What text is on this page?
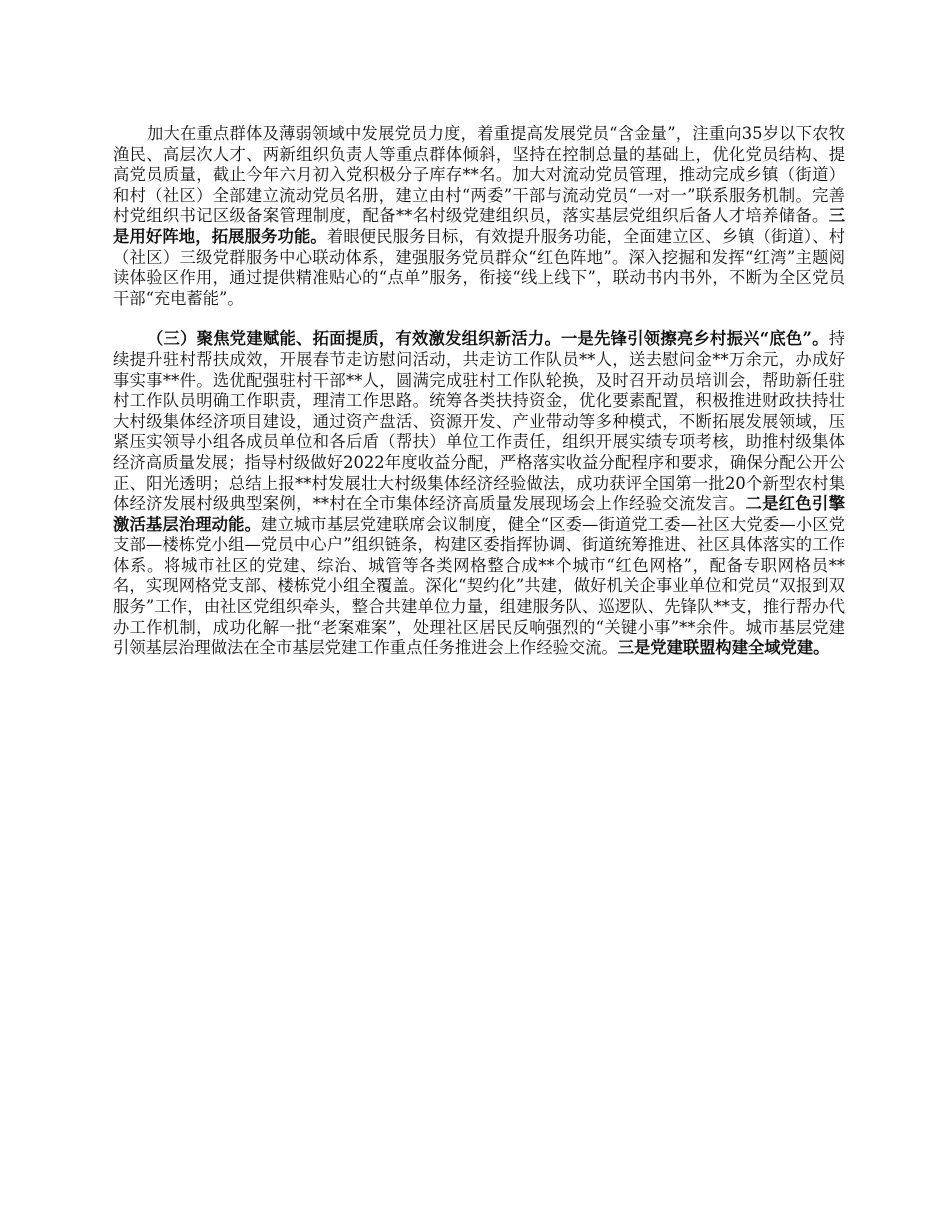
加大在重点群体及薄弱领域中发展党员力度，着重提高发展党员“含金量”，注重向35岁以下农牧渔民、高层次人才、两新组织负责人等重点群体倾斜，坚持在控制总量的基础上，优化党员结构、提高党员质量，截止今年六月初入党积极分子库存**名。加大对流动党员管理，推动完成乡镇（街道）和村（社区）全部建立流动党员名册，建立由村“两委”干部与流动党员“一对一”联系服务机制。完善村党组织书记区级备案管理制度，配备**名村级党建组织员，落实基层党组织后备人才培养储备。三是用好阵地，拓展服务功能。着眼便民服务目标，有效提升服务功能，全面建立区、乡镇（街道）、村（社区）三级党群服务中心联动体系，建强服务党员群众“红色阵地”。深入挖掘和发挥“红湾”主题阅读体验区作用，通过提供精准贴心的“点单”服务，衔接“线上线下”，联动书内书外，不断为全区党员干部“充电蓄能”。

（三）聚焦党建赋能、拓面提质，有效激发组织新活力。一是先锋引领擦亮乡村振兴“底色”。持续提升驻村帮扶成效，开展春节走访慰问活动，共走访工作队员**人，送去慰问金**万余元，办成好事实事**件。选优配强驻村干部**人，圆满完成驻村工作队轮换，及时召开动员培训会，帮助新任驻村工作队员明确工作职责，理清工作思路。统筹各类扶持资金，优化要素配置，积极推进财政扶持壮大村级集体经济项目建设，通过资产盘活、资源开发、产业带动等多种模式，不断拓展发展领域，压紧压实领导小组各成员单位和各后盾（帮扶）单位工作责任，组织开展实绩专项考核，助推村级集体经济高质量发展；指导村级做好2022年度收益分配，严格落实收益分配程序和要求，确保分配公开公正、阳光透明；总结上报**村发展壮大村级集体经济经验做法，成功获评全国第一批20个新型农村集体经济发展村级典型案例，**村在全市集体经济高质量发展现场会上作经验交流发言。二是红色引擎激活基层治理动能。建立城市基层党建联席会议制度，健全“区委—街道党工委—社区大党委—小区党支部—楼栋党小组—党员中心户”组织链条，构建区委指挥协调、街道统筹推进、社区具体落实的工作体系。将城市社区的党建、综治、城管等各类网格整合成**个城市“红色网格”，配备专职网格员**名，实现网格党支部、楼栋党小组全覆盖。深化“契约化”共建，做好机关企事业单位和党员“双报到双服务”工作，由社区党组织牵头，整合共建单位力量，组建服务队、巡逻队、先锋队**支，推行帮办代办工作机制，成功化解一批“老案难案”，处理社区居民反响强烈的“关键小事”**余件。城市基层党建引领基层治理做法在全市基层党建工作重点任务推进会上作经验交流。三是党建联盟构建全域党建。
